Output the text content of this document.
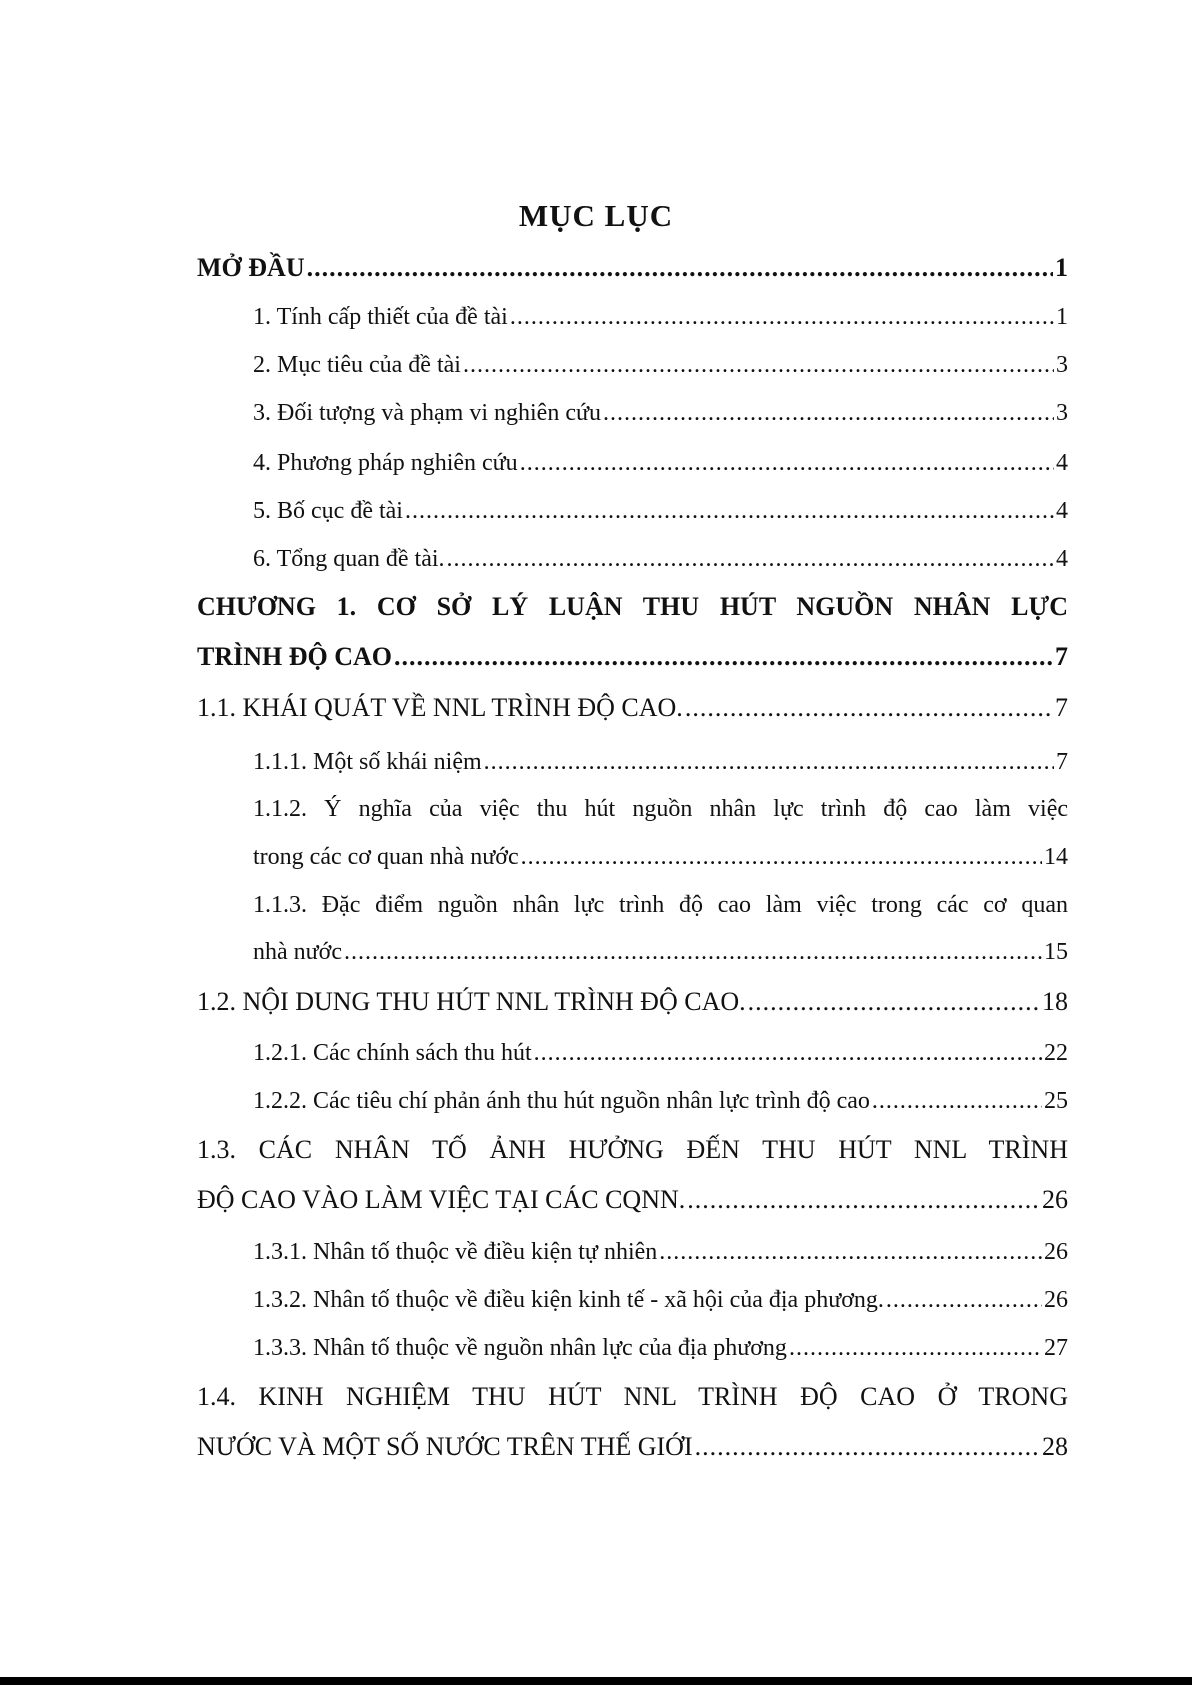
MỤC LỤC
MỞ ĐẦU .....	1
1. Tính cấp thiết của đề tài .....	1
2. Mục tiêu của đề tài .....	3
3. Đối tượng và phạm vi nghiên cứu .....	3
4. Phương pháp nghiên cứu .....	4
5. Bố cục đề tài .....	4
6. Tổng quan đề tài. .....	4
CHƯƠNG 1. CƠ SỞ LÝ LUẬN THU HÚT NGUỒN NHÂN LỰC
TRÌNH ĐỘ CAO .....	7
1.1. KHÁI QUÁT VỀ NNL TRÌNH ĐỘ CAO. .....	7
1.1.1. Một số khái niệm .....	7
1.1.2. Ý nghĩa của việc thu hút nguồn nhân lực trình độ cao làm việc
trong các cơ quan nhà nước .....	14
1.1.3. Đặc điểm nguồn nhân lực trình độ cao làm việc trong các cơ quan
nhà nước .....	15
1.2. NỘI DUNG THU HÚT NNL TRÌNH ĐỘ CAO. .....	18
1.2.1. Các chính sách thu hút .....	22
1.2.2. Các tiêu chí phản ánh thu hút nguồn nhân lực trình độ cao .....	25
1.3. CÁC NHÂN TỐ ẢNH HƯỞNG ĐẾN THU HÚT NNL TRÌNH
ĐỘ CAO VÀO LÀM VIỆC TẠI CÁC CQNN. .....	26
1.3.1. Nhân tố thuộc về điều kiện tự nhiên .....	26
1.3.2. Nhân tố thuộc về điều kiện kinh tế - xã hội của địa phương. .....	26
1.3.3. Nhân tố thuộc về nguồn nhân lực của địa phương .....	27
1.4. KINH NGHIỆM THU HÚT NNL TRÌNH ĐỘ CAO Ở TRONG
NƯỚC VÀ MỘT SỐ NƯỚC TRÊN THẾ GIỚI .....	28
